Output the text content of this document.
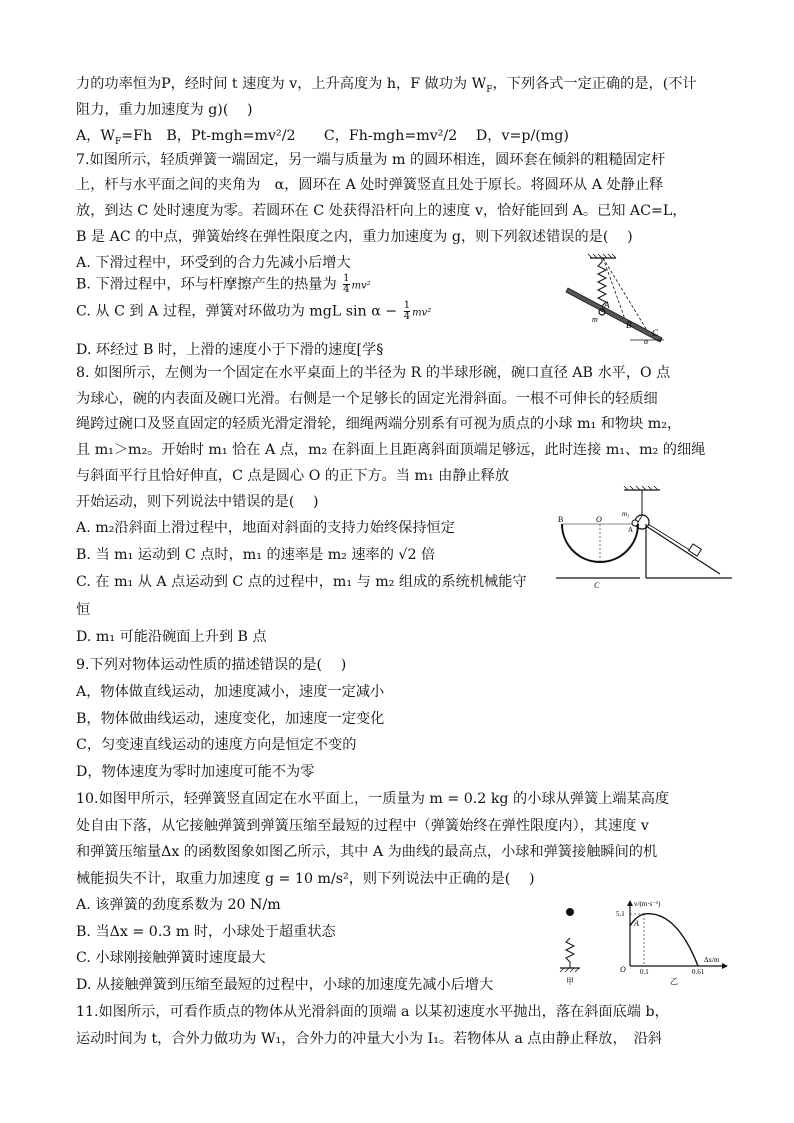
力的功率恒为P，经时间 t 速度为 v，上升高度为 h，F 做功为 $W_F$，下列各式一定正确的是，(不计
阻力，重力加速度为 g)(　 )
A，$W_F=Fh$　B，Pt-mgh=mv²/2　　C，Fh-mgh=mv²/2　 D，v=p/(mg)
7.如图所示，轻质弹簧一端固定，另一端与质量为 m 的圆环相连，圆环套在倾斜的粗糙固定杆
上，杆与水平面之间的夹角为　α，圆环在 A 处时弹簧竖直且处于原长。将圆环从 A 处静止释
放，到达 C 处时速度为零。若圆环在 C 处获得沿杆向上的速度 v，恰好能回到 A。已知 AC=L，
B 是 AC 的中点，弹簧始终在弹性限度之内，重力加速度为 g，则下列叙述错误的是(　 )
A. 下滑过程中，环受到的合力先减小后增大
B. 下滑过程中，环与杆摩擦产生的热量为 $\frac{1}{4} mv^2$
C. 从 C 到 A 过程，弹簧对环做功为 mgL $\sin \alpha - \frac{1}{4} mv^2$
D. 环经过 B 时，上滑的速度小于下滑的速度[学§
8. 如图所示，左侧为一个固定在水平桌面上的半径为 R 的半球形碗，碗口直径 AB 水平，O 点
为球心，碗的内表面及碗口光滑。右侧是一个足够长的固定光滑斜面。一根不可伸长的轻质细
绳跨过碗口及竖直固定的轻质光滑定滑轮，细绳两端分别系有可视为质点的小球 m₁ 和物块 m₂，
且 m₁＞m₂。开始时 m₁ 恰在 A 点，m₂ 在斜面上且距离斜面顶端足够远，此时连接 m₁、m₂ 的细绳
与斜面平行且恰好伸直，C 点是圆心 O 的正下方。当 m₁ 由静止释放
开始运动，则下列说法中错误的是(　 )
A. m₂沿斜面上滑过程中，地面对斜面的支持力始终保持恒定
B. 当 m₁ 运动到 C 点时，m₁ 的速率是 m₂ 速率的 √2 倍
C. 在 m₁ 从 A 点运动到 C 点的过程中，m₁ 与 m₂ 组成的系统机械能守
恒
D. m₁ 可能沿碗面上升到 B 点
9.下列对物体运动性质的描述错误的是(　 )
A，物体做直线运动，加速度减小，速度一定减小
B，物体做曲线运动，速度变化，加速度一定变化
C，匀变速直线运动的速度方向是恒定不变的
D，物体速度为零时加速度可能不为零
10.如图甲所示，轻弹簧竖直固定在水平面上，一质量为 m = 0.2 kg 的小球从弹簧上端某高度
处自由下落，从它接触弹簧到弹簧压缩至最短的过程中（弹簧始终在弹性限度内），其速度 v
和弹簧压缩量Δx 的函数图象如图乙所示，其中 A 为曲线的最高点，小球和弹簧接触瞬间的机
械能损失不计，取重力加速度 g = 10 m/s²，则下列说法中正确的是(　 )
A. 该弹簧的劲度系数为 20 N/m
B. 当Δx = 0.3 m 时，小球处于超重状态
C. 小球刚接触弹簧时速度最大
D. 从接触弹簧到压缩至最短的过程中，小球的加速度先减小后增大
11.如图所示，可看作质点的物体从光滑斜面的顶端 a 以某初速度水平抛出，落在斜面底端 b，
运动时间为 t，合外力做功为 W₁，合外力的冲量大小为 I₁。若物体从 a 点由静止释放，　沿斜
A
B
C
m
α
B	O
m₁
A
C
甲
v/(m·s⁻¹)
Δx/m
5.1
0.1	0.61
O
A
乙
